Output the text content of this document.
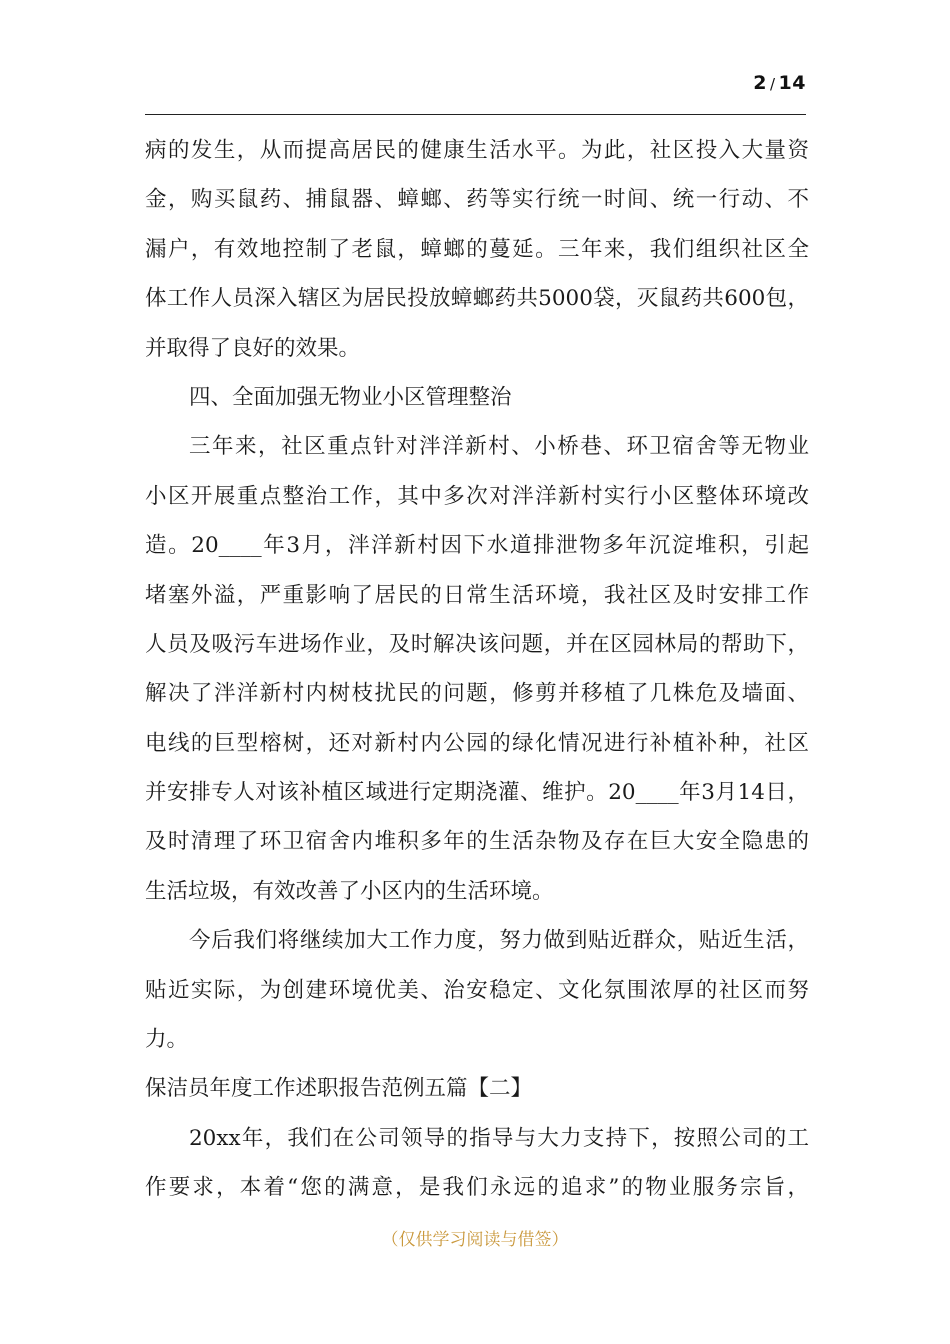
2 / 14
病的发生，从而提高居民的健康生活水平。为此，社区投入大量资
金，购买鼠药、捕鼠器、蟑螂、药等实行统一时间、统一行动、不
漏户，有效地控制了老鼠，蟑螂的蔓延。三年来，我们组织社区全
体工作人员深入辖区为居民投放蟑螂药共5000袋，灭鼠药共600包，
并取得了良好的效果。
四、全面加强无物业小区管理整治
三年来，社区重点针对泮洋新村、小桥巷、环卫宿舍等无物业
小区开展重点整治工作，其中多次对泮洋新村实行小区整体环境改
造。20____年3月，泮洋新村因下水道排泄物多年沉淀堆积，引起
堵塞外溢，严重影响了居民的日常生活环境，我社区及时安排工作
人员及吸污车进场作业，及时解决该问题，并在区园林局的帮助下，
解决了泮洋新村内树枝扰民的问题，修剪并移植了几株危及墙面、
电线的巨型榕树，还对新村内公园的绿化情况进行补植补种，社区
并安排专人对该补植区域进行定期浇灌、维护。20____年3月14日，
及时清理了环卫宿舍内堆积多年的生活杂物及存在巨大安全隐患的
生活垃圾，有效改善了小区内的生活环境。
今后我们将继续加大工作力度，努力做到贴近群众，贴近生活，
贴近实际，为创建环境优美、治安稳定、文化氛围浓厚的社区而努
力。
保洁员年度工作述职报告范例五篇【二】
20xx年，我们在公司领导的指导与大力支持下，按照公司的工
作要求，本着“您的满意，是我们永远的追求”的物业服务宗旨，
（仅供学习阅读与借签）
